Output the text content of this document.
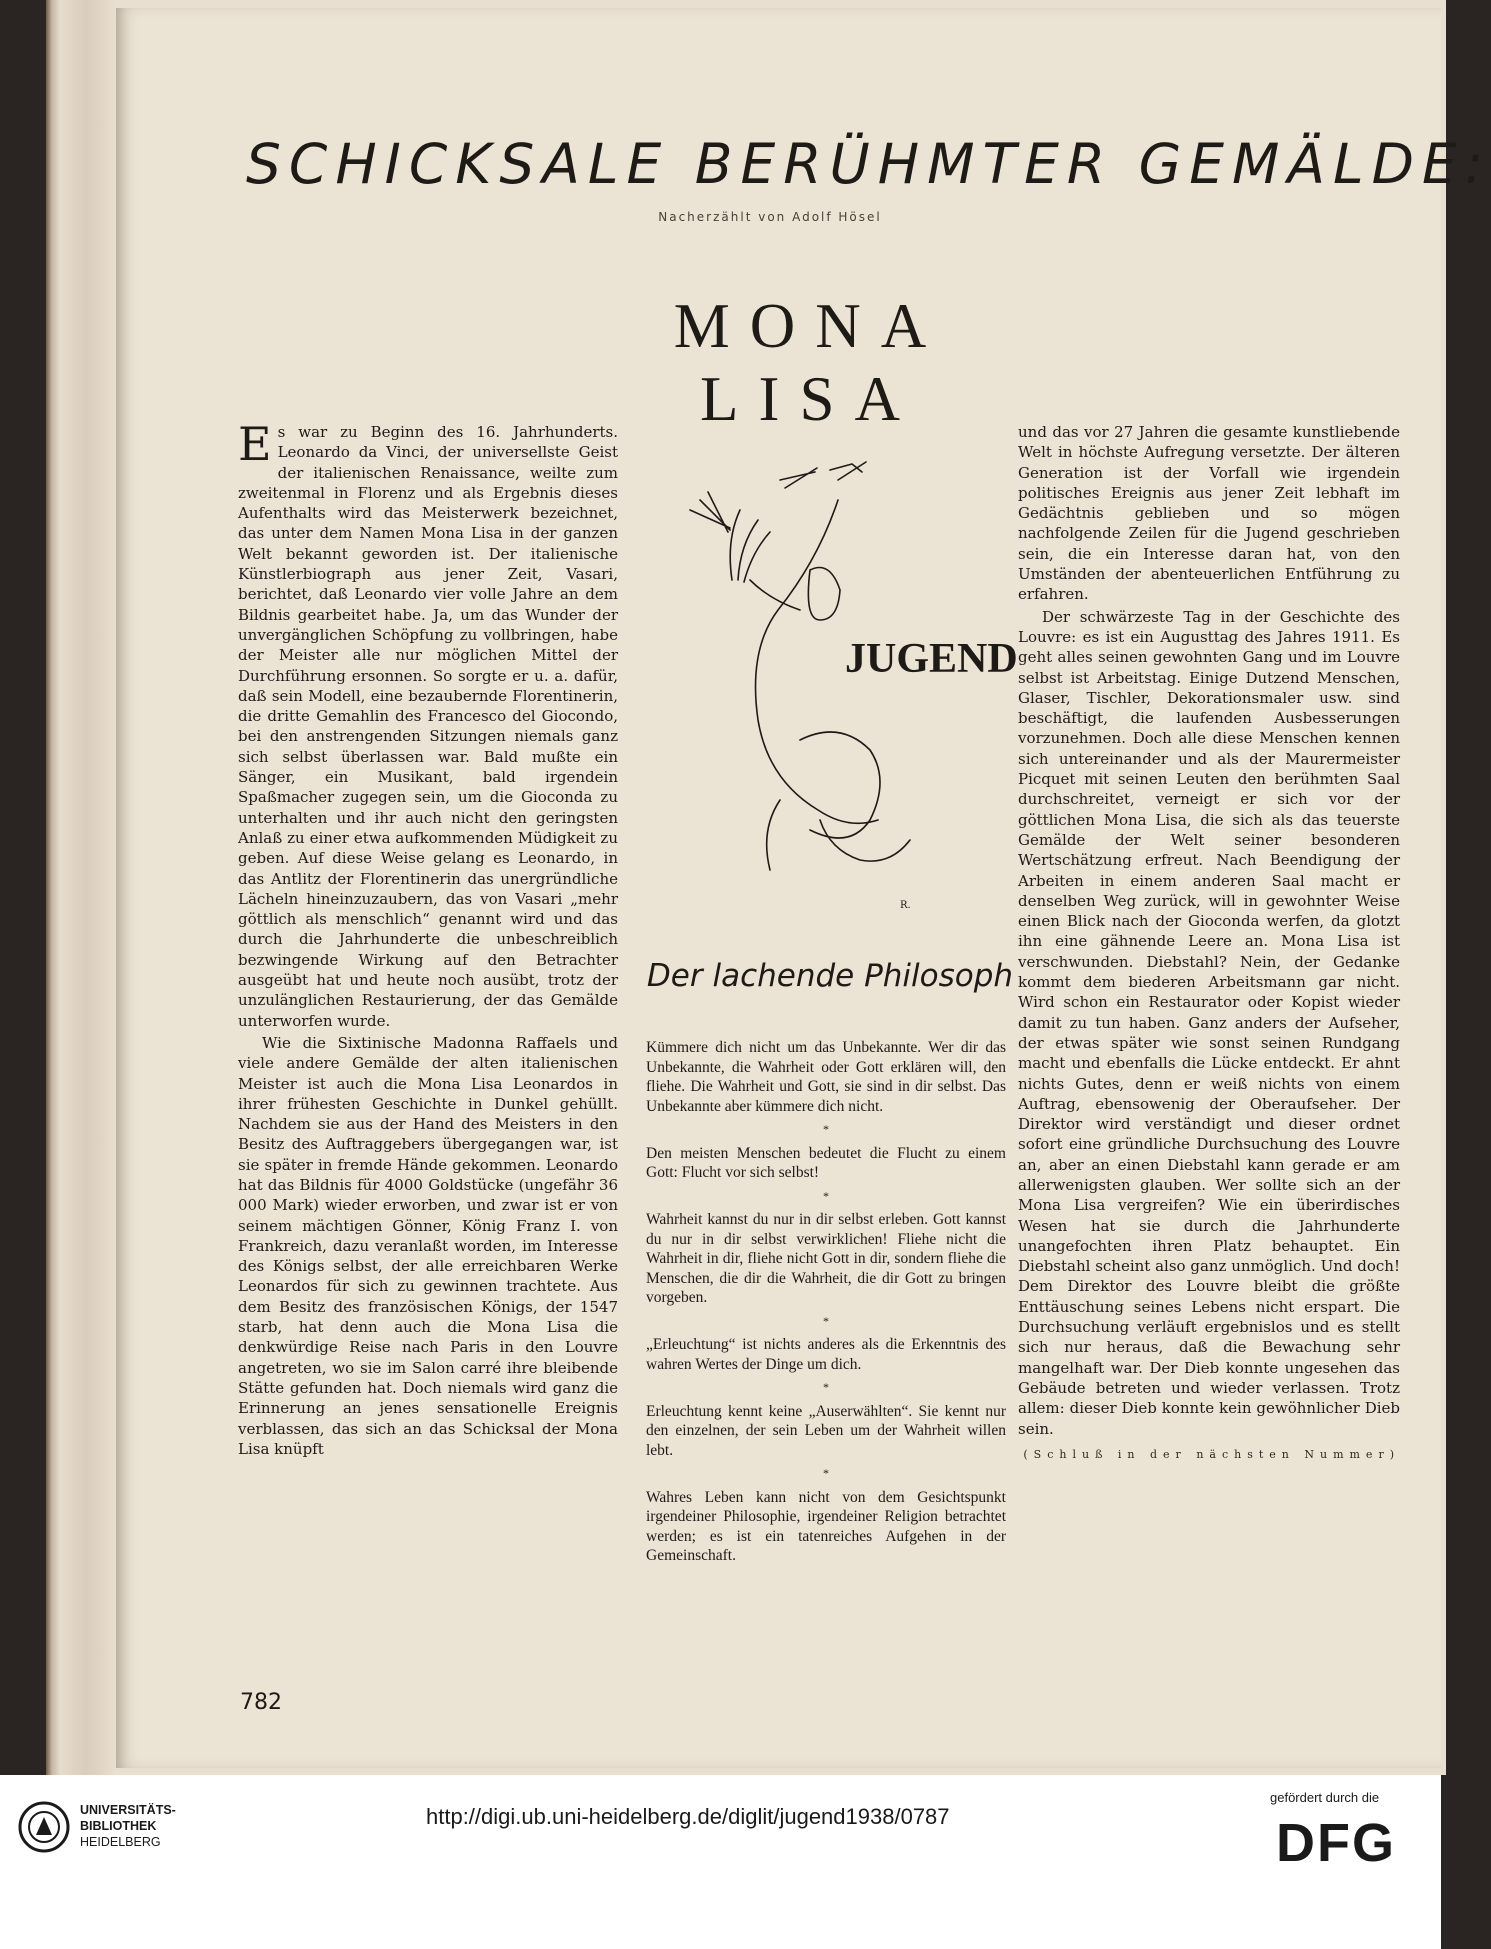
SCHICKSALE BERÜHMTER GEMÄLDE:
Nacherzählt von Adolf Hösel
MONA LISA

Es war zu Beginn des 16. Jahrhunderts. Leonardo da Vinci, der universellste Geist der italienischen Renaissance, weilte zum zweitenmal in Florenz und als Ergebnis dieses Aufenthalts wird das Meisterwerk bezeichnet, das unter dem Namen Mona Lisa in der ganzen Welt bekannt geworden ist. Der italienische Künstlerbiograph aus jener Zeit, Vasari, berichtet, daß Leonardo vier volle Jahre an dem Bildnis gearbeitet habe. Ja, um das Wunder der unvergänglichen Schöpfung zu vollbringen, habe der Meister alle nur möglichen Mittel der Durchführung ersonnen. So sorgte er u. a. dafür, daß sein Modell, eine bezaubernde Florentinerin, die dritte Gemahlin des Francesco del Giocondo, bei den anstrengenden Sitzungen niemals ganz sich selbst überlassen war. Bald mußte ein Sänger, ein Musikant, bald irgendein Spaßmacher zugegen sein, um die Gioconda zu unterhalten und ihr auch nicht den geringsten Anlaß zu einer etwa aufkommenden Müdigkeit zu geben. Auf diese Weise gelang es Leonardo, in das Antlitz der Florentinerin das unergründliche Lächeln hineinzuzaubern, das von Vasari „mehr göttlich als menschlich“ genannt wird und das durch die Jahrhunderte die unbeschreiblich bezwingende Wirkung auf den Betrachter ausgeübt hat und heute noch ausübt, trotz der unzulänglichen Restaurierung, der das Gemälde unterworfen wurde.

Wie die Sixtinische Madonna Raffaels und viele andere Gemälde der alten italienischen Meister ist auch die Mona Lisa Leonardos in ihrer frühesten Geschichte in Dunkel gehüllt. Nachdem sie aus der Hand des Meisters in den Besitz des Auftraggebers übergegangen war, ist sie später in fremde Hände gekommen. Leonardo hat das Bildnis für 4000 Goldstücke (ungefähr 36 000 Mark) wieder erworben, und zwar ist er von seinem mächtigen Gönner, König Franz I. von Frankreich, dazu veranlaßt worden, im Interesse des Königs selbst, der alle erreichbaren Werke Leonardos für sich zu gewinnen trachtete. Aus dem Besitz des französischen Königs, der 1547 starb, hat denn auch die Mona Lisa die denkwürdige Reise nach Paris in den Louvre angetreten, wo sie im Salon carré ihre bleibende Stätte gefunden hat. Doch niemals wird ganz die Erinnerung an jenes sensationelle Ereignis verblassen, das sich an das Schicksal der Mona Lisa knüpft

JUGEND
R.
Der lachende Philosoph

Kümmere dich nicht um das Unbekannte. Wer dir das Unbekannte, die Wahrheit oder Gott erklären will, den fliehe. Die Wahrheit und Gott, sie sind in dir selbst. Das Unbekannte aber kümmere dich nicht.

*

Den meisten Menschen bedeutet die Flucht zu einem Gott: Flucht vor sich selbst!

*

Wahrheit kannst du nur in dir selbst erleben. Gott kannst du nur in dir selbst verwirklichen! Fliehe nicht die Wahrheit in dir, fliehe nicht Gott in dir, sondern fliehe die Menschen, die dir die Wahrheit, die dir Gott zu bringen vorgeben.

*

„Erleuchtung“ ist nichts anderes als die Erkenntnis des wahren Wertes der Dinge um dich.

*

Erleuchtung kennt keine „Auserwählten“. Sie kennt nur den einzelnen, der sein Leben um der Wahrheit willen lebt.

*

Wahres Leben kann nicht von dem Gesichtspunkt irgendeiner Philosophie, irgendeiner Religion betrachtet werden; es ist ein tatenreiches Aufgehen in der Gemeinschaft.

und das vor 27 Jahren die gesamte kunstliebende Welt in höchste Aufregung versetzte. Der älteren Generation ist der Vorfall wie irgendein politisches Ereignis aus jener Zeit lebhaft im Gedächtnis geblieben und so mögen nachfolgende Zeilen für die Jugend geschrieben sein, die ein Interesse daran hat, von den Umständen der abenteuerlichen Entführung zu erfahren.

Der schwärzeste Tag in der Geschichte des Louvre: es ist ein Augusttag des Jahres 1911. Es geht alles seinen gewohnten Gang und im Louvre selbst ist Arbeitstag. Einige Dutzend Menschen, Glaser, Tischler, Dekorationsmaler usw. sind beschäftigt, die laufenden Ausbesserungen vorzunehmen. Doch alle diese Menschen kennen sich untereinander und als der Maurermeister Picquet mit seinen Leuten den berühmten Saal durchschreitet, verneigt er sich vor der göttlichen Mona Lisa, die sich als das teuerste Gemälde der Welt seiner besonderen Wertschätzung erfreut. Nach Beendigung der Arbeiten in einem anderen Saal macht er denselben Weg zurück, will in gewohnter Weise einen Blick nach der Gioconda werfen, da glotzt ihn eine gähnende Leere an. Mona Lisa ist verschwunden. Diebstahl? Nein, der Gedanke kommt dem biederen Arbeitsmann gar nicht. Wird schon ein Restaurator oder Kopist wieder damit zu tun haben. Ganz anders der Aufseher, der etwas später wie sonst seinen Rundgang macht und ebenfalls die Lücke entdeckt. Er ahnt nichts Gutes, denn er weiß nichts von einem Auftrag, ebensowenig der Oberaufseher. Der Direktor wird verständigt und dieser ordnet sofort eine gründliche Durchsuchung des Louvre an, aber an einen Diebstahl kann gerade er am allerwenigsten glauben. Wer sollte sich an der Mona Lisa vergreifen? Wie ein überirdisches Wesen hat sie durch die Jahrhunderte unangefochten ihren Platz behauptet. Ein Diebstahl scheint also ganz unmöglich. Und doch! Dem Direktor des Louvre bleibt die größte Enttäuschung seines Lebens nicht erspart. Die Durchsuchung verläuft ergebnislos und es stellt sich nur heraus, daß die Bewachung sehr mangelhaft war. Der Dieb konnte ungesehen das Gebäude betreten und wieder verlassen. Trotz allem: dieser Dieb konnte kein gewöhnlicher Dieb sein.

(Schluß in der nächsten Nummer)
782
UNIVERSITÄTS-
BIBLIOTHEK
HEIDELBERG
http://digi.ub.uni-heidelberg.de/diglit/jugend1938/0787
gefördert durch die
DFG
